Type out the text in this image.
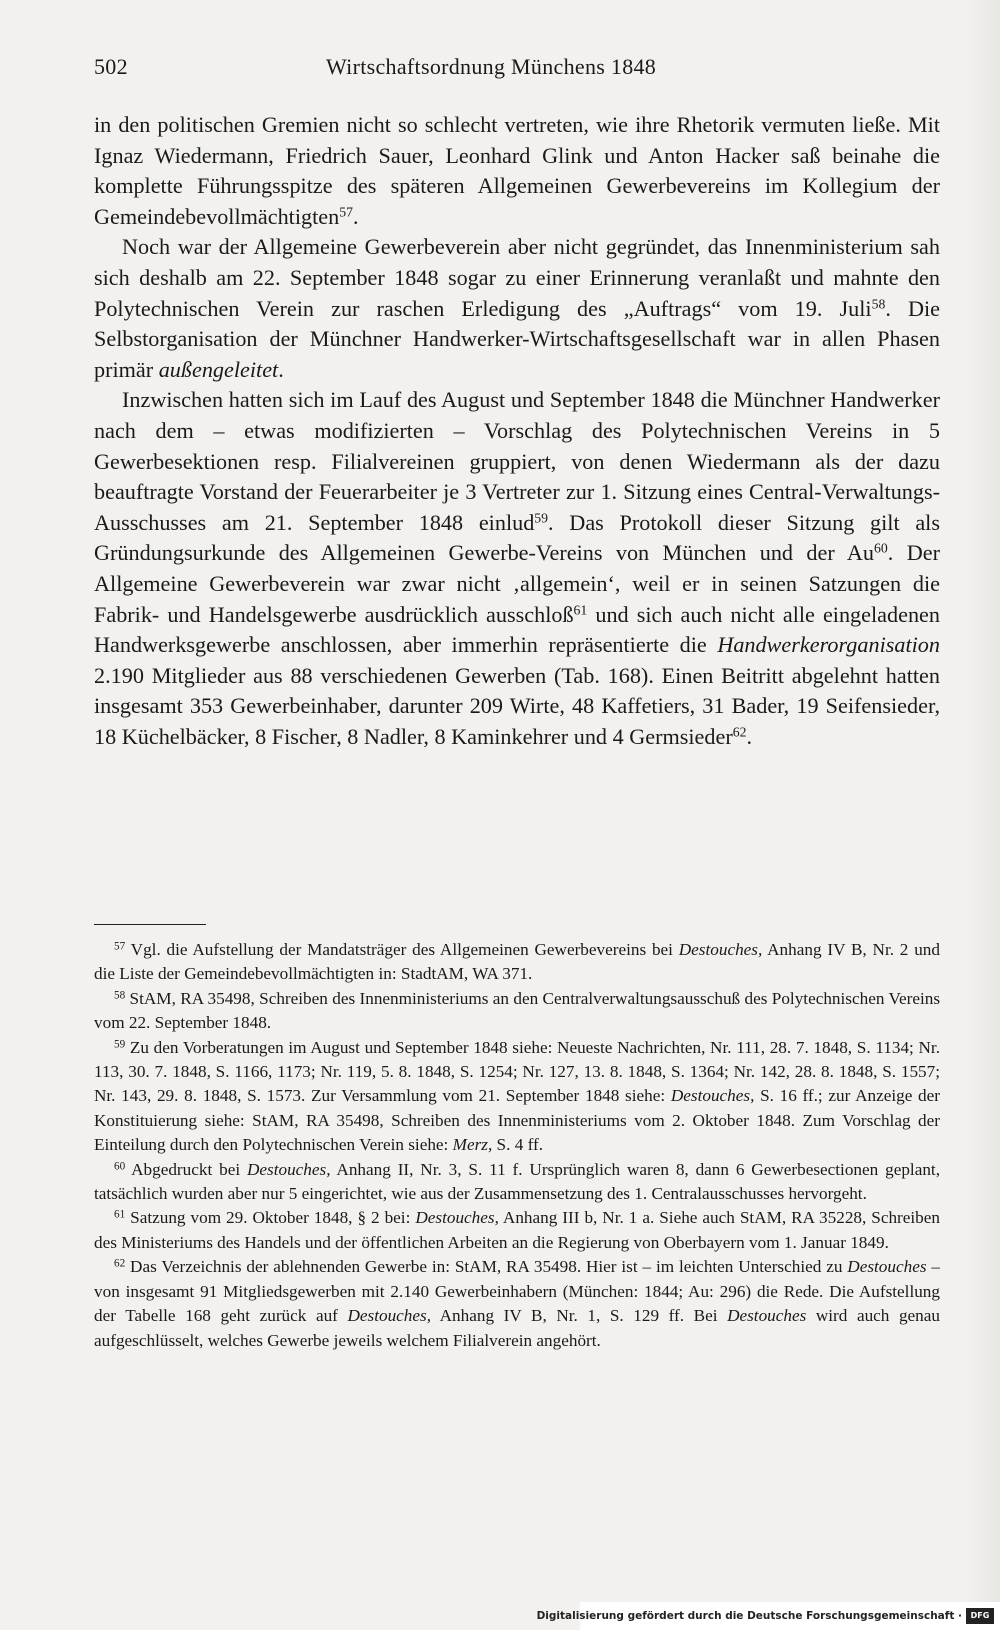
502	Wirtschaftsordnung Münchens 1848

in den politischen Gremien nicht so schlecht vertreten, wie ihre Rhetorik vermuten ließe. Mit Ignaz Wiedermann, Friedrich Sauer, Leonhard Glink und Anton Hacker saß beinahe die komplette Führungsspitze des späteren Allgemeinen Gewerbevereins im Kollegium der Gemeindebevollmächtigten$^{57}$.

Noch war der Allgemeine Gewerbeverein aber nicht gegründet, das Innenministerium sah sich deshalb am 22. September 1848 sogar zu einer Erinnerung veranlaßt und mahnte den Polytechnischen Verein zur raschen Erledigung des „Auftrags“ vom 19. Juli$^{58}$. Die Selbstorganisation der Münchner Handwerker-Wirtschaftsgesellschaft war in allen Phasen primär außengeleitet.

Inzwischen hatten sich im Lauf des August und September 1848 die Münchner Handwerker nach dem – etwas modifizierten – Vorschlag des Polytechnischen Vereins in 5 Gewerbesektionen resp. Filialvereinen gruppiert, von denen Wiedermann als der dazu beauftragte Vorstand der Feuerarbeiter je 3 Vertreter zur 1. Sitzung eines Central-Verwaltungs-Ausschusses am 21. September 1848 einlud$^{59}$. Das Protokoll dieser Sitzung gilt als Gründungsurkunde des Allgemeinen Gewerbe-Vereins von München und der Au$^{60}$. Der Allgemeine Gewerbeverein war zwar nicht ‚allgemein‘, weil er in seinen Satzungen die Fabrik- und Handelsgewerbe ausdrücklich ausschloß$^{61}$ und sich auch nicht alle eingeladenen Handwerksgewerbe anschlossen, aber immerhin repräsentierte die Handwerkerorganisation 2.190 Mitglieder aus 88 verschiedenen Gewerben (Tab. 168). Einen Beitritt abgelehnt hatten insgesamt 353 Gewerbeinhaber, darunter 209 Wirte, 48 Kaffetiers, 31 Bader, 19 Seifensieder, 18 Küchelbäcker, 8 Fischer, 8 Nadler, 8 Kaminkehrer und 4 Germsieder$^{62}$.

$^{57}$ Vgl. die Aufstellung der Mandatsträger des Allgemeinen Gewerbevereins bei Destouches, Anhang IV B, Nr. 2 und die Liste der Gemeindebevollmächtigten in: StadtAM, WA 371.

$^{58}$ StAM, RA 35498, Schreiben des Innenministeriums an den Centralverwaltungsausschuß des Polytechnischen Vereins vom 22. September 1848.

$^{59}$ Zu den Vorberatungen im August und September 1848 siehe: Neueste Nachrichten, Nr. 111, 28. 7. 1848, S. 1134; Nr. 113, 30. 7. 1848, S. 1166, 1173; Nr. 119, 5. 8. 1848, S. 1254; Nr. 127, 13. 8. 1848, S. 1364; Nr. 142, 28. 8. 1848, S. 1557; Nr. 143, 29. 8. 1848, S. 1573. Zur Versammlung vom 21. September 1848 siehe: Destouches, S. 16 ff.; zur Anzeige der Konstituierung siehe: StAM, RA 35498, Schreiben des Innenministeriums vom 2. Oktober 1848. Zum Vorschlag der Einteilung durch den Polytechnischen Verein siehe: Merz, S. 4 ff.

$^{60}$ Abgedruckt bei Destouches, Anhang II, Nr. 3, S. 11 f. Ursprünglich waren 8, dann 6 Gewerbesectionen geplant, tatsächlich wurden aber nur 5 eingerichtet, wie aus der Zusammensetzung des 1. Centralausschusses hervorgeht.

$^{61}$ Satzung vom 29. Oktober 1848, § 2 bei: Destouches, Anhang III b, Nr. 1 a. Siehe auch StAM, RA 35228, Schreiben des Ministeriums des Handels und der öffentlichen Arbeiten an die Regierung von Oberbayern vom 1. Januar 1849.

$^{62}$ Das Verzeichnis der ablehnenden Gewerbe in: StAM, RA 35498. Hier ist – im leichten Unterschied zu Destouches – von insgesamt 91 Mitgliedsgewerben mit 2.140 Gewerbeinhabern (München: 1844; Au: 296) die Rede. Die Aufstellung der Tabelle 168 geht zurück auf Destouches, Anhang IV B, Nr. 1, S. 129 ff. Bei Destouches wird auch genau aufgeschlüsselt, welches Gewerbe jeweils welchem Filialverein angehört.

Digitalisierung gefördert durch die Deutsche Forschungsgemeinschaft ·	DFG
